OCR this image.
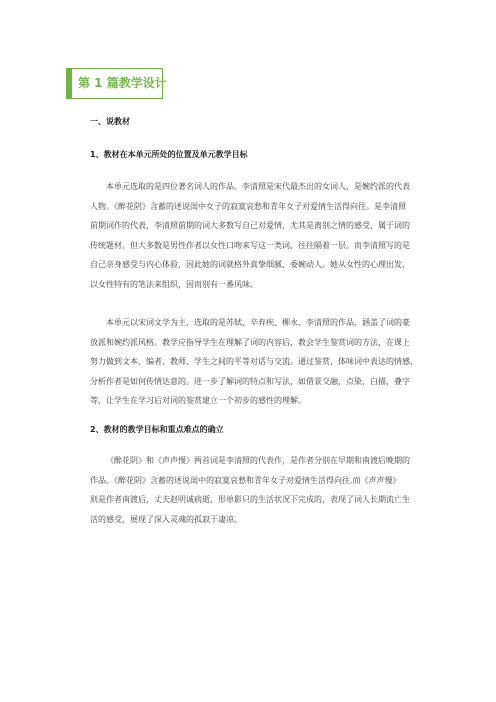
第 1 篇教学设计
一、说教材
1、教材在本单元所处的位置及单元教学目标
本单元选取的是四位著名词人的作品。李清照是宋代最杰出的女词人，是婉约派的代表
人物。《醉花阴》含蓄的述说闺中女子的寂寞哀愁和青年女子对爱情生活得向往。是李清照
前期词作的代表，李清照前期的词大多数写自己对爱情，尤其是离别之情的感受，属于词的
传统题材。但大多数是男性作者以女性口吻来写这一类词，往往隔着一层。而李清照写的是
自己亲身感受与内心体验，因此她的词就格外真挚细腻、委婉动人。她从女性的心理出发，
以女性特有的笔法来组织，因而别有一番风味。
本单元以宋词文学为主，选取的是苏轼、辛弃疾、柳永、李清照的作品，涵盖了词的豪
放派和婉约派风格。教学应指导学生在理解了词的内容后，教会学生鉴赏词的方法，在课上
努力做到文本、编者、教师、学生之间的平等对话与交流。通过鉴赏，体味词中表达的情感，
分析作者是如何传情达意的。进一步了解词的特点和写法，如借景交融，点染，白描，叠字
等，让学生在学习后对词的鉴赏建立一个初步的感性的理解。
2、教材的教学目标和重点难点的确立
《醉花阴》和《声声慢》两首词是李清照的代表作，是作者分别在早期和南渡后晚期的
作品。《醉花阴》含蓄的述说闺中的寂寞哀愁和青年女子对爱情生活得向往.而《声声慢》
则是作者南渡后，丈夫赵明诚病逝，形单影只的生活状况下完成的，表现了词人长期流亡生
活的感受，展现了深入灵魂的孤寂于凄凉。
